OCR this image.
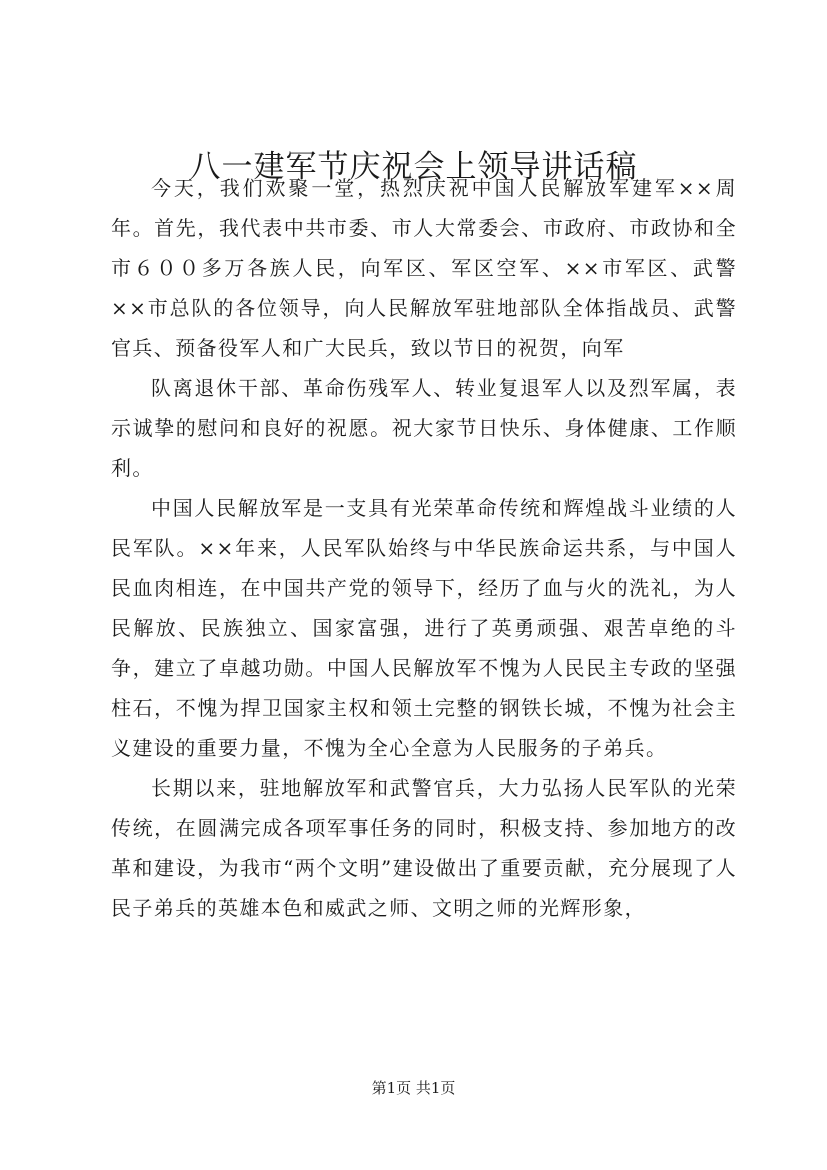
八一建军节庆祝会上领导讲话稿

今天，我们欢聚一堂，热烈庆祝中国人民解放军建军××周年。首先，我代表中共市委、市人大常委会、市政府、市政协和全市６００多万各族人民，向军区、军区空军、××市军区、武警××市总队的各位领导，向人民解放军驻地部队全体指战员、武警官兵、预备役军人和广大民兵，致以节日的祝贺，向军

队离退休干部、革命伤残军人、转业复退军人以及烈军属，表示诚挚的慰问和良好的祝愿。祝大家节日快乐、身体健康、工作顺利。

中国人民解放军是一支具有光荣革命传统和辉煌战斗业绩的人民军队。××年来，人民军队始终与中华民族命运共系，与中国人民血肉相连，在中国共产党的领导下，经历了血与火的洗礼，为人民解放、民族独立、国家富强，进行了英勇顽强、艰苦卓绝的斗争，建立了卓越功勋。中国人民解放军不愧为人民民主专政的坚强柱石，不愧为捍卫国家主权和领土完整的钢铁长城，不愧为社会主义建设的重要力量，不愧为全心全意为人民服务的子弟兵。

长期以来，驻地解放军和武警官兵，大力弘扬人民军队的光荣传统，在圆满完成各项军事任务的同时，积极支持、参加地方的改革和建设，为我市“两个文明”建设做出了重要贡献，充分展现了人民子弟兵的英雄本色和威武之师、文明之师的光辉形象，

第1页 共1页
